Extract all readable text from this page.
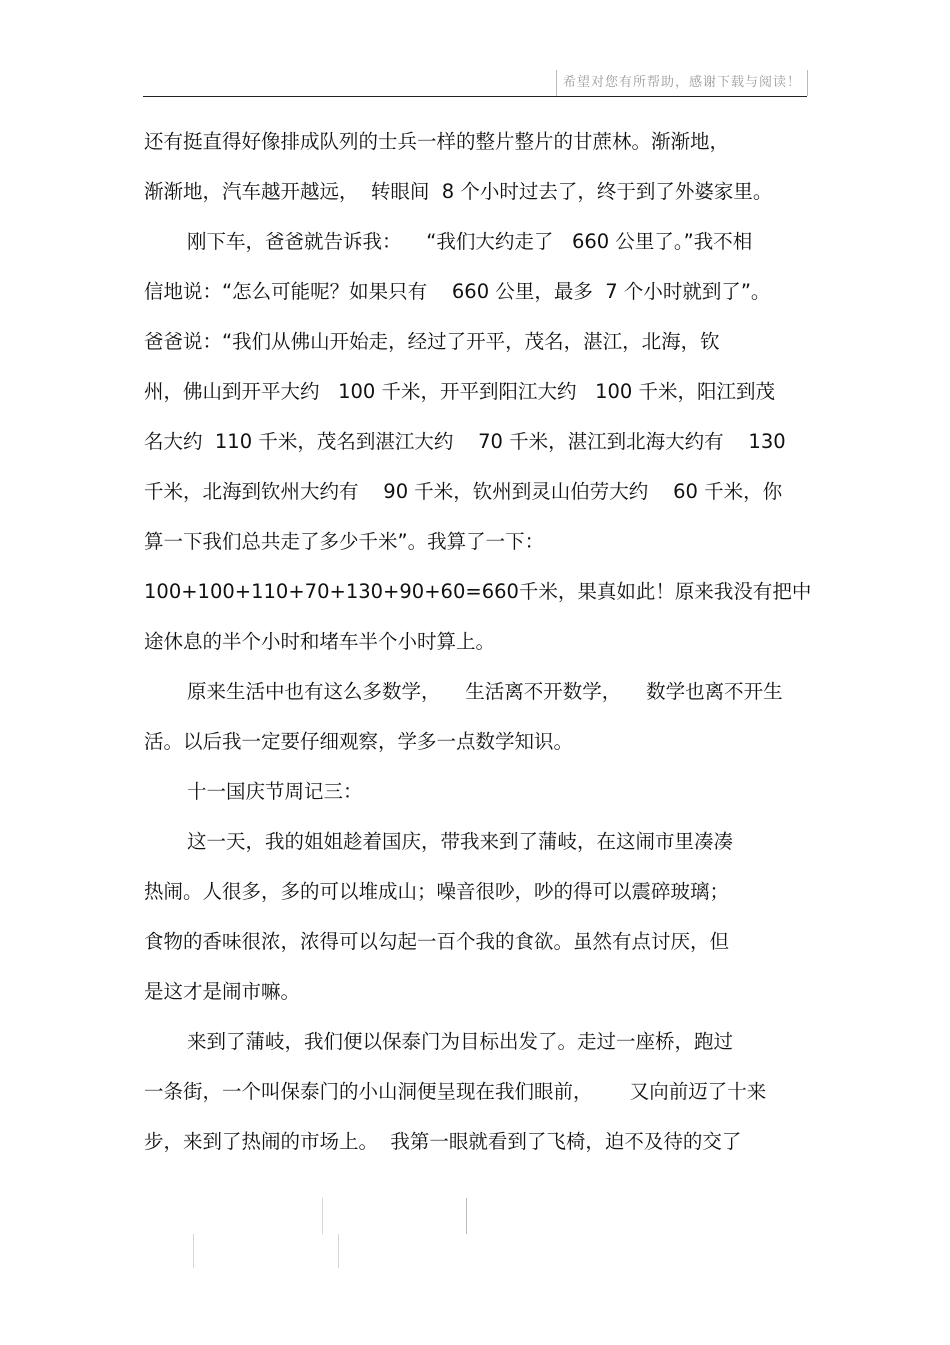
希望对您有所帮助，感谢下载与阅读！
还有挺直得好像排成队列的士兵一样的整片整片的甘蔗林。渐渐地，
渐渐地，汽车越开越远，  转眼间  8 个小时过去了，终于到了外婆家里。
刚下车，爸爸就告诉我：    “我们大约走了   660 公里了。”我不相
信地说：“怎么可能呢？如果只有    660 公里，最多  7 个小时就到了”。
爸爸说：“我们从佛山开始走，经过了开平，茂名，湛江，北海，钦
州，佛山到开平大约   100 千米，开平到阳江大约   100 千米，阳江到茂
名大约  110 千米，茂名到湛江大约    70 千米，湛江到北海大约有    130
千米，北海到钦州大约有    90 千米，钦州到灵山伯劳大约    60 千米，你
算一下我们总共走了多少千米”。我算了一下：
100+100+110+70+130+90+60=660千米，果真如此！原来我没有把中
途休息的半个小时和堵车半个小时算上。
原来生活中也有这么多数学，    生活离不开数学，    数学也离不开生
活。以后我一定要仔细观察，学多一点数学知识。
十一国庆节周记三：
这一天，我的姐姐趁着国庆，带我来到了蒲岐，在这闹市里凑凑
热闹。人很多，多的可以堆成山；噪音很吵，吵的得可以震碎玻璃；
食物的香味很浓，浓得可以勾起一百个我的食欲。虽然有点讨厌，但
是这才是闹市嘛。
来到了蒲岐，我们便以保泰门为目标出发了。走过一座桥，跑过
一条街，一个叫保泰门的小山洞便呈现在我们眼前，      又向前迈了十来
步，来到了热闹的市场上。  我第一眼就看到了飞椅，迫不及待的交了
